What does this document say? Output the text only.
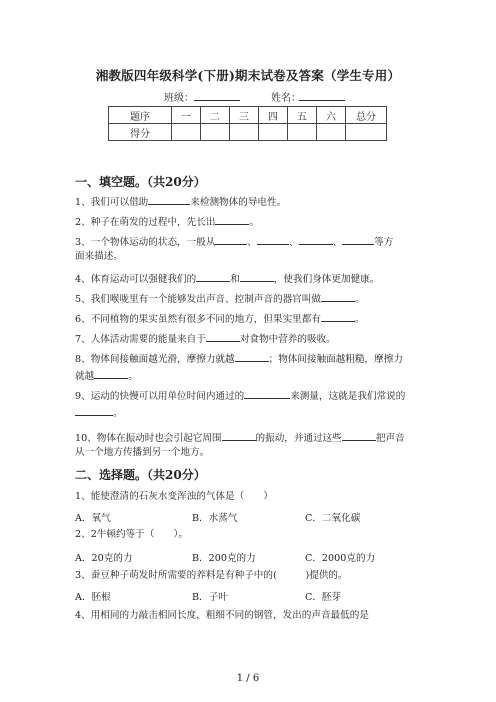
湘教版四年级科学(下册)期末试卷及答案（学生专用）
班级：	姓名：
题序	一	二	三	四	五	六	总分
得分							
一、填空题。（共20分）
1、我们可以借助	来检测物体的导电性。
2、种子在萌发的过程中，先长出	。
3、一个物体运动的状态，一般从	、	、	、	等方
面来描述。
4、体育运动可以强健我们的	和	，使我们身体更加健康。
5、我们喉咙里有一个能够发出声音、控制声音的器官叫做	。
6、不同植物的果实虽然有很多不同的地方，但果实里都有	。
7、人体活动需要的能量来自于	对食物中营养的吸收。
8、物体间接触面越光滑，摩擦力就越	；物体间接触面越粗糙，摩擦力
就越	。
9、运动的快慢可以用单位时间内通过的	来测量，这就是我们常说的
。
10、物体在振动时也会引起它周围	的振动，并通过这些	把声音
从一个地方传播到另一个地方。
二、选择题。（共20分）
1、能使澄清的石灰水变浑浊的气体是（　　）
A．氧气	B．水蒸气	C．二氧化碳
2、2牛顿约等于（　　）。
A．20克的力	B．200克的力	C．2000克的力
3、蚕豆种子萌发时所需要的养料是有种子中的(　　　)提供的。
A．胚根	B．子叶	C．胚芽
4、用相同的力敲击相同长度，粗细不同的钢管，发出的声音最低的是
1 / 6
